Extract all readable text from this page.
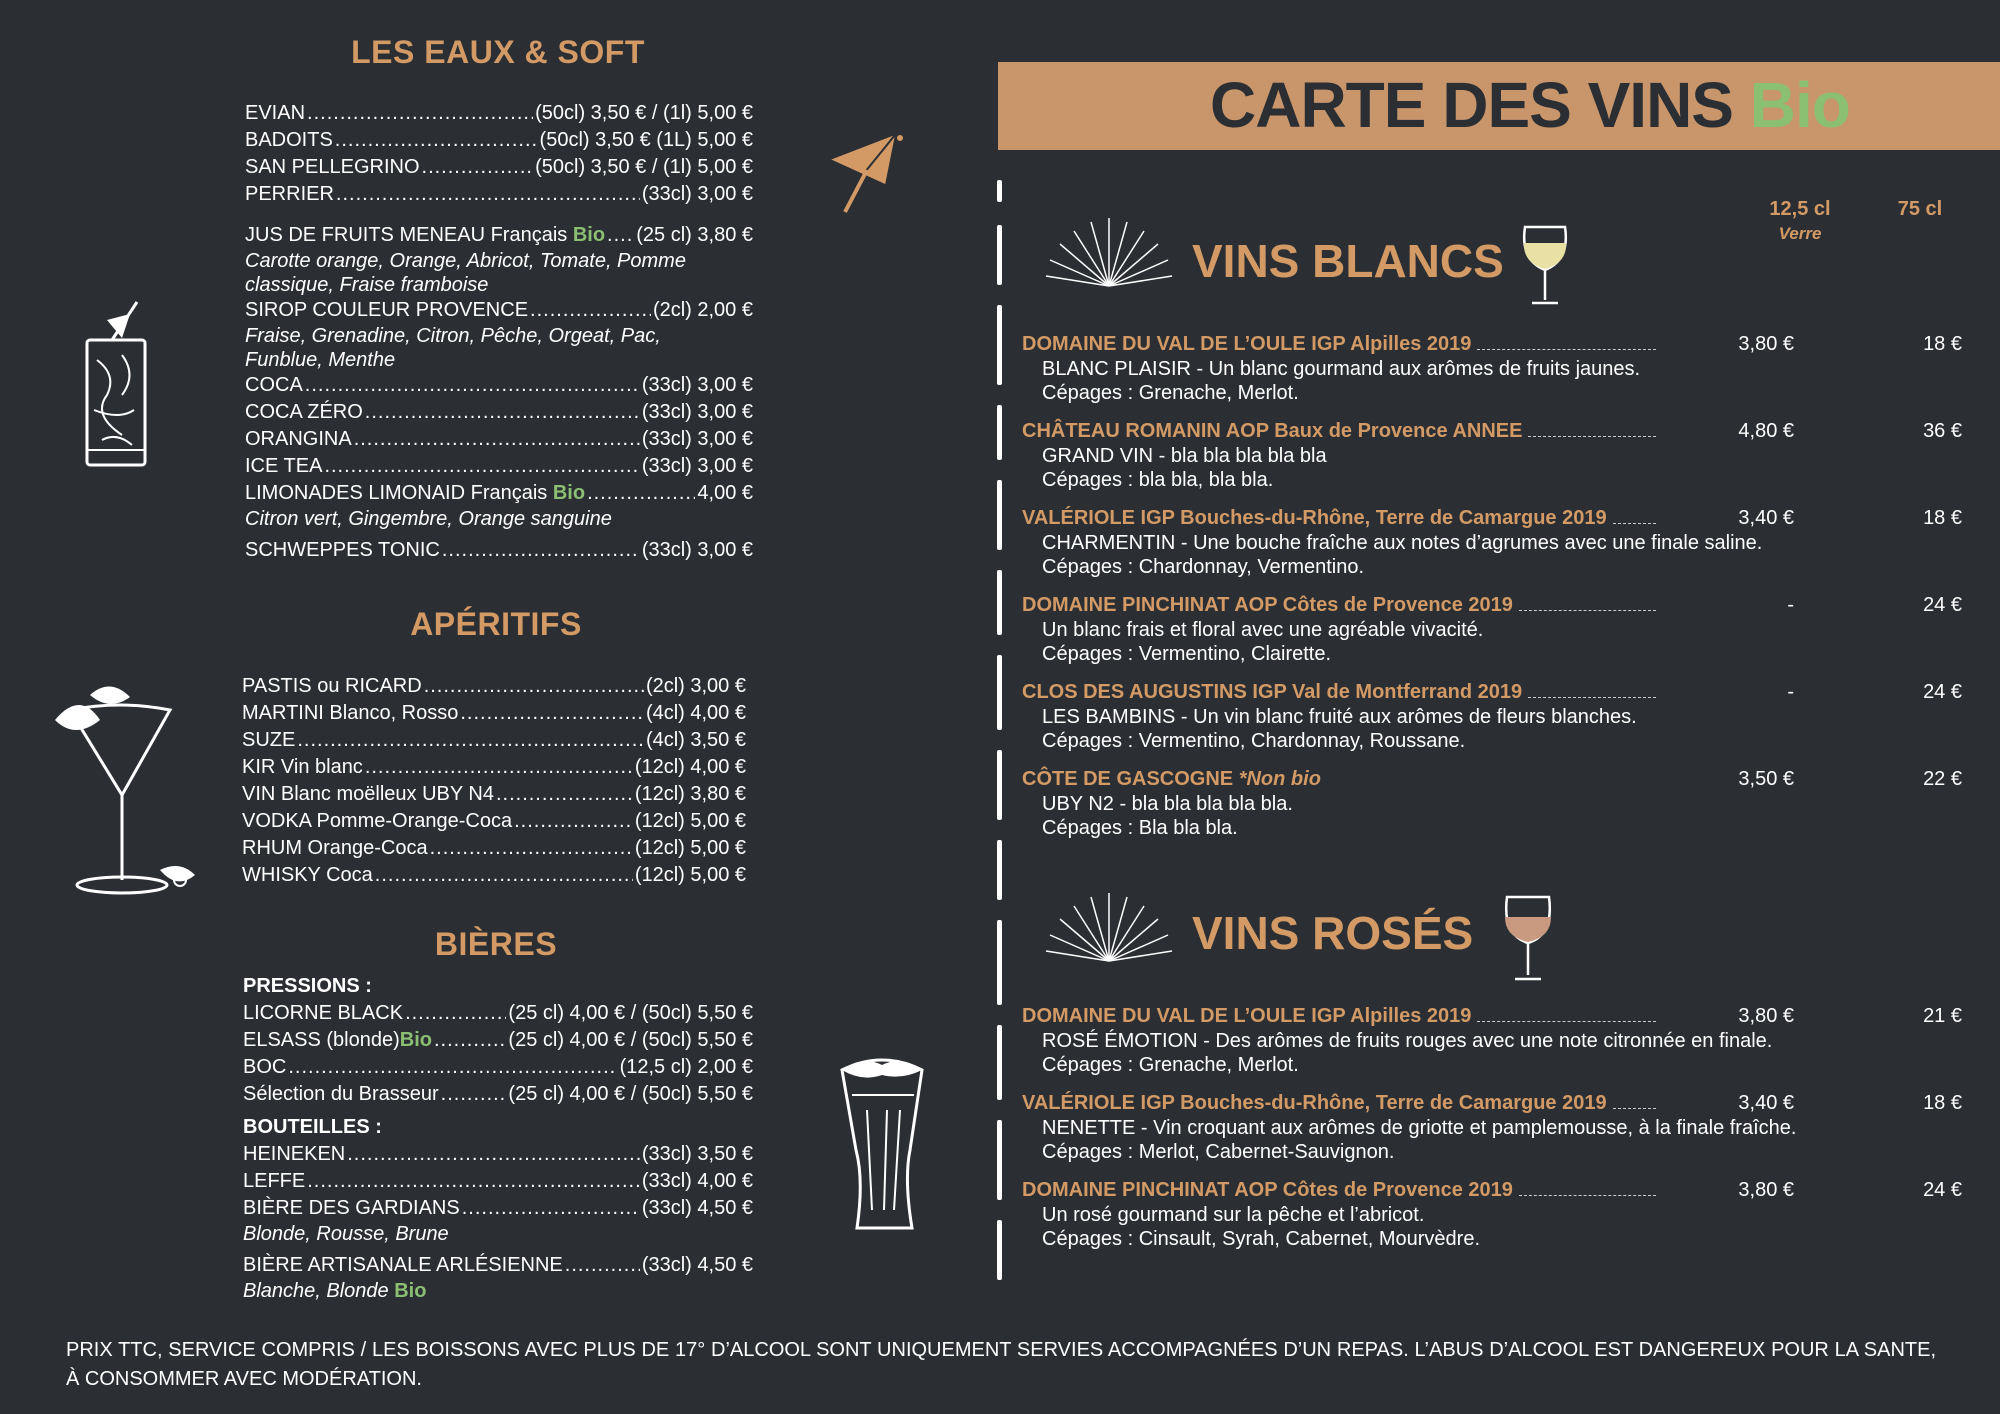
LES EAUX & SOFT
EVIAN .....	(50cl) 3,50 € / (1l) 5,00 €
BADOITS .....	(50cl) 3,50 € (1L) 5,00 €
SAN PELLEGRINO .....	(50cl) 3,50 € / (1l) 5,00 €
PERRIER .....	(33cl) 3,00 €
JUS DE FRUITS MENEAU Français Bio ..... (25 cl) 3,80 €
Carotte orange, Orange, Abricot, Tomate, Pomme classique, Fraise framboise
SIROP COULEUR PROVENCE .....	(2cl) 2,00 €
Fraise, Grenadine, Citron, Pêche, Orgeat, Pac, Funblue, Menthe
COCA .....	(33cl) 3,00 €
COCA ZÉRO .....	(33cl) 3,00 €
ORANGINA .....	(33cl) 3,00 €
ICE TEA .....	(33cl) 3,00 €
LIMONADES LIMONAID Français Bio .....	4,00 €
Citron vert, Gingembre, Orange sanguine
SCHWEPPES TONIC .....	(33cl) 3,00 €
APÉRITIFS
PASTIS ou RICARD .....	(2cl) 3,00 €
MARTINI Blanco, Rosso .....	(4cl) 4,00 €
SUZE .....	(4cl) 3,50 €
KIR Vin blanc .....	(12cl) 4,00 €
VIN Blanc moëlleux UBY N4 .....	(12cl) 3,80 €
VODKA Pomme-Orange-Coca .....	(12cl) 5,00 €
RHUM Orange-Coca .....	(12cl) 5,00 €
WHISKY Coca .....	(12cl) 5,00 €
BIÈRES
PRESSIONS :
LICORNE BLACK .....	(25 cl) 4,00 € / (50cl) 5,50 €
ELSASS (blonde)Bio .....	(25 cl) 4,00 € / (50cl) 5,50 €
BOC .....	(12,5 cl) 2,00 €
Sélection du Brasseur .....	(25 cl) 4,00 € / (50cl) 5,50 €
BOUTEILLES :
HEINEKEN .....	(33cl) 3,50 €
LEFFE .....	(33cl) 4,00 €
BIÈRE DES GARDIANS .....	(33cl) 4,50 €
Blonde, Rousse, Brune
BIÈRE ARTISANALE ARLÉSIENNE .....	(33cl) 4,50 €
Blanche, Blonde Bio
CARTE DES VINS Bio
12,5 cl
Verre
75 cl
VINS BLANCS
DOMAINE DU VAL DE L’OULE IGP Alpilles 2019	3,80 €	18 €
BLANC PLAISIR - Un blanc gourmand aux arômes de fruits jaunes.
Cépages : Grenache, Merlot.
CHÂTEAU ROMANIN AOP Baux de Provence ANNEE	4,80 €	36 €
GRAND VIN - bla bla bla bla bla
Cépages : bla bla, bla bla.
VALÉRIOLE IGP Bouches-du-Rhône, Terre de Camargue 2019	3,40 €	18 €
CHARMENTIN - Une bouche fraîche aux notes d’agrumes avec une finale saline.
Cépages : Chardonnay, Vermentino.
DOMAINE PINCHINAT AOP Côtes de Provence 2019	-	24 €
Un blanc frais et floral avec une agréable vivacité.
Cépages : Vermentino, Clairette.
CLOS DES AUGUSTINS IGP Val de Montferrand 2019	-	24 €
LES BAMBINS - Un vin blanc fruité aux arômes de fleurs blanches.
Cépages : Vermentino, Chardonnay, Roussane.
CÔTE DE GASCOGNE *Non bio	3,50 €	22 €
UBY N2 - bla bla bla bla bla.
Cépages : Bla bla bla.
VINS ROSÉS
DOMAINE DU VAL DE L’OULE IGP Alpilles 2019	3,80 €	21 €
ROSÉ ÉMOTION - Des arômes de fruits rouges avec une note citronnée en finale.
Cépages : Grenache, Merlot.
VALÉRIOLE IGP Bouches-du-Rhône, Terre de Camargue 2019	3,40 €	18 €
NENETTE - Vin croquant aux arômes de griotte et pamplemousse, à la finale fraîche.
Cépages : Merlot, Cabernet-Sauvignon.
DOMAINE PINCHINAT AOP Côtes de Provence 2019	3,80 €	24 €
Un rosé gourmand sur la pêche et l’abricot.
Cépages : Cinsault, Syrah, Cabernet, Mourvèdre.
PRIX TTC, SERVICE COMPRIS / LES BOISSONS AVEC PLUS DE 17° D’ALCOOL SONT UNIQUEMENT SERVIES ACCOMPAGNÉES D’UN REPAS. L’ABUS D’ALCOOL EST DANGEREUX POUR LA SANTE, À CONSOMMER AVEC MODÉRATION.
